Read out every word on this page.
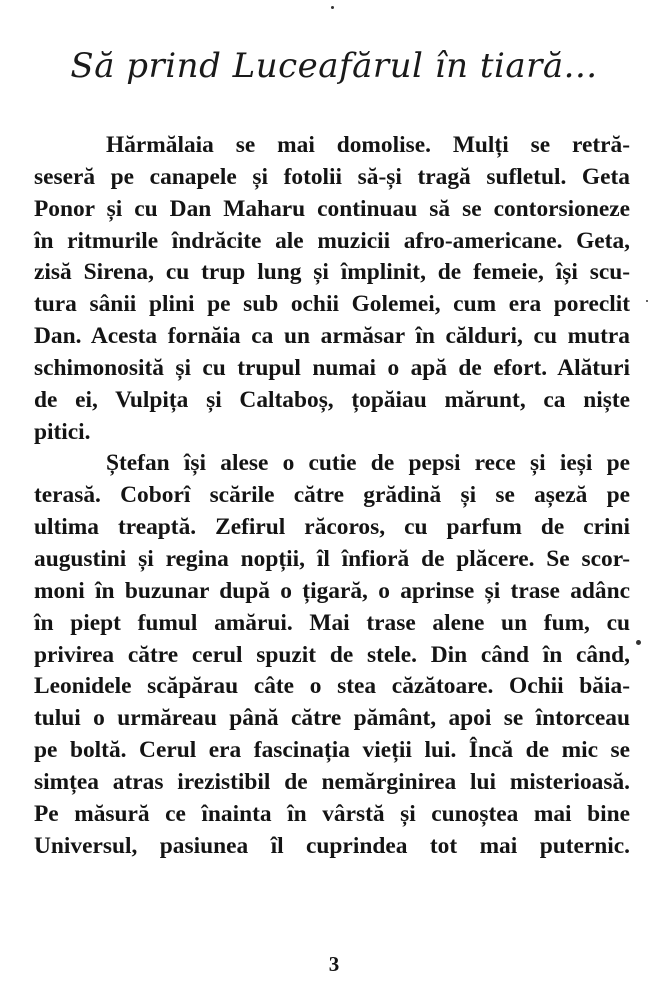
Să prind Luceafărul în tiară...
Hărmălaia se mai domolise. Mulți se retră-
seseră pe canapele și fotolii să-și tragă sufletul. Geta
Ponor și cu Dan Maharu continuau să se contorsioneze
în ritmurile îndrăcite ale muzicii afro-americane. Geta,
zisă Sirena, cu trup lung și împlinit, de femeie, își scu-
tura sânii plini pe sub ochii Golemei, cum era poreclit
Dan. Acesta fornăia ca un armăsar în călduri, cu mutra
schimonosită și cu trupul numai o apă de efort. Alături
de ei, Vulpița și Caltaboș, țopăiau mărunt, ca niște
pitici.
Ștefan își alese o cutie de pepsi rece și ieși pe
terasă. Coborî scările către grădină și se așeză pe
ultima treaptă. Zefirul răcoros, cu parfum de crini
augustini și regina nopții, îl înfioră de plăcere. Se scor-
moni în buzunar după o țigară, o aprinse și trase adânc
în piept fumul amărui. Mai trase alene un fum, cu
privirea către cerul spuzit de stele. Din când în când,
Leonidele scăpărau câte o stea căzătoare. Ochii băia-
tului o urmăreau până către pământ, apoi se întorceau
pe boltă. Cerul era fascinația vieții lui. Încă de mic se
simțea atras irezistibil de nemărginirea lui misterioasă.
Pe măsură ce înainta în vârstă și cunoștea mai bine
Universul, pasiunea îl cuprindea tot mai puternic.
3
